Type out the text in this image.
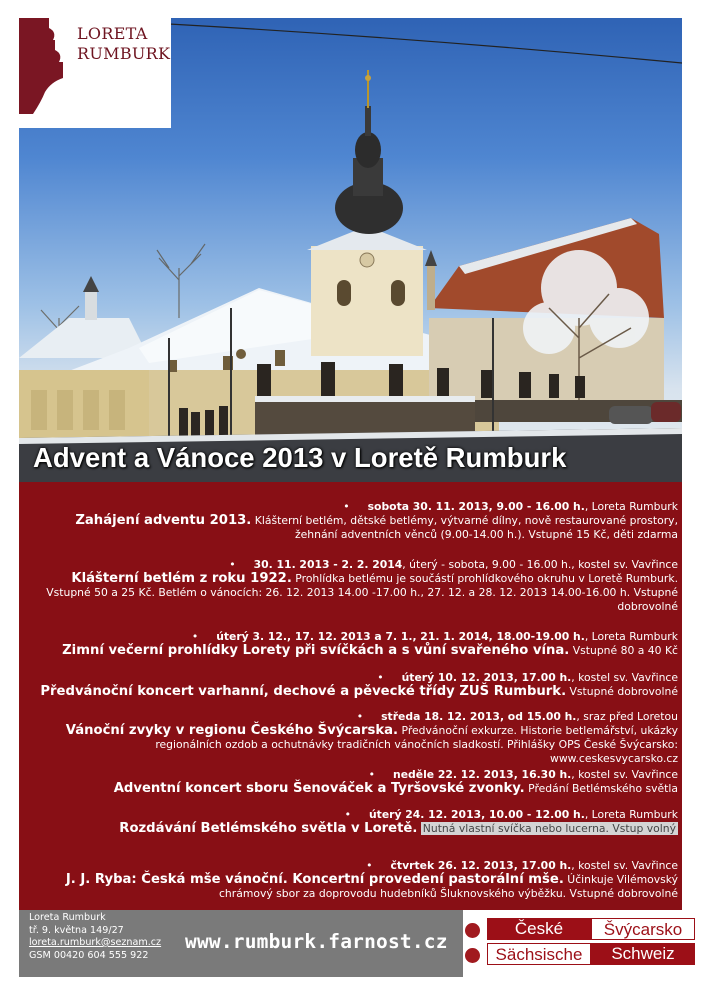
LORETA
RUMBURK
Advent a Vánoce 2013 v Loretě Rumburk
• sobota 30. 11. 2013, 9.00 - 16.00 h., Loreta Rumburk
Zahájení adventu 2013. Klášterní betlém, dětské betlémy, výtvarné dílny, nově restaurované prostory, žehnání adventních věnců (9.00-14.00 h.). Vstupné 15 Kč, děti zdarma
• 30. 11. 2013 - 2. 2. 2014, úterý - sobota, 9.00 - 16.00 h., kostel sv. Vavřince
Klášterní betlém z roku 1922. Prohlídka betlému je součástí prohlídkového okruhu v Loretě Rumburk. Vstupné 50 a 25 Kč. Betlém o vánocích: 26. 12. 2013 14.00 -17.00 h., 27. 12. a 28. 12. 2013 14.00-16.00 h. Vstupné dobrovolné
• úterý 3. 12., 17. 12. 2013 a 7. 1., 21. 1. 2014, 18.00-19.00 h., Loreta Rumburk
Zimní večerní prohlídky Lorety při svíčkách a s vůní svařeného vína. Vstupné 80 a 40 Kč
• úterý 10. 12. 2013, 17.00 h., kostel sv. Vavřince
Předvánoční koncert varhanní, dechové a pěvecké třídy ZUŠ Rumburk. Vstupné dobrovolné
• středa 18. 12. 2013, od 15.00 h., sraz před Loretou
Vánoční zvyky v regionu Českého Švýcarska. Předvánoční exkurze. Historie betlemářství, ukázky regionálních ozdob a ochutnávky tradičních vánočních sladkostí. Přihlášky OPS České Švýcarsko: www.ceskesvycarsko.cz
• neděle 22. 12. 2013, 16.30 h., kostel sv. Vavřince
Adventní koncert sboru Šenováček a Tyršovské zvonky. Předání Betlémského světla
• úterý 24. 12. 2013, 10.00 - 12.00 h., Loreta Rumburk
Rozdávání Betlémského světla v Loretě. Nutná vlastní svíčka nebo lucerna. Vstup volný
• čtvrtek 26. 12. 2013, 17.00 h., kostel sv. Vavřince
J. J. Ryba: Česká mše vánoční. Koncertní provedení pastorální mše. Účinkuje Vilémovský chrámový sbor za doprovodu hudebníků Šluknovského výběžku. Vstupné dobrovolné
Loreta Rumburk
tř. 9. května 149/27
loreta.rumburk@seznam.cz
GSM 00420 604 555 922
www.rumburk.farnost.cz
České	Švýcarsko
Sächsische	Schweiz
